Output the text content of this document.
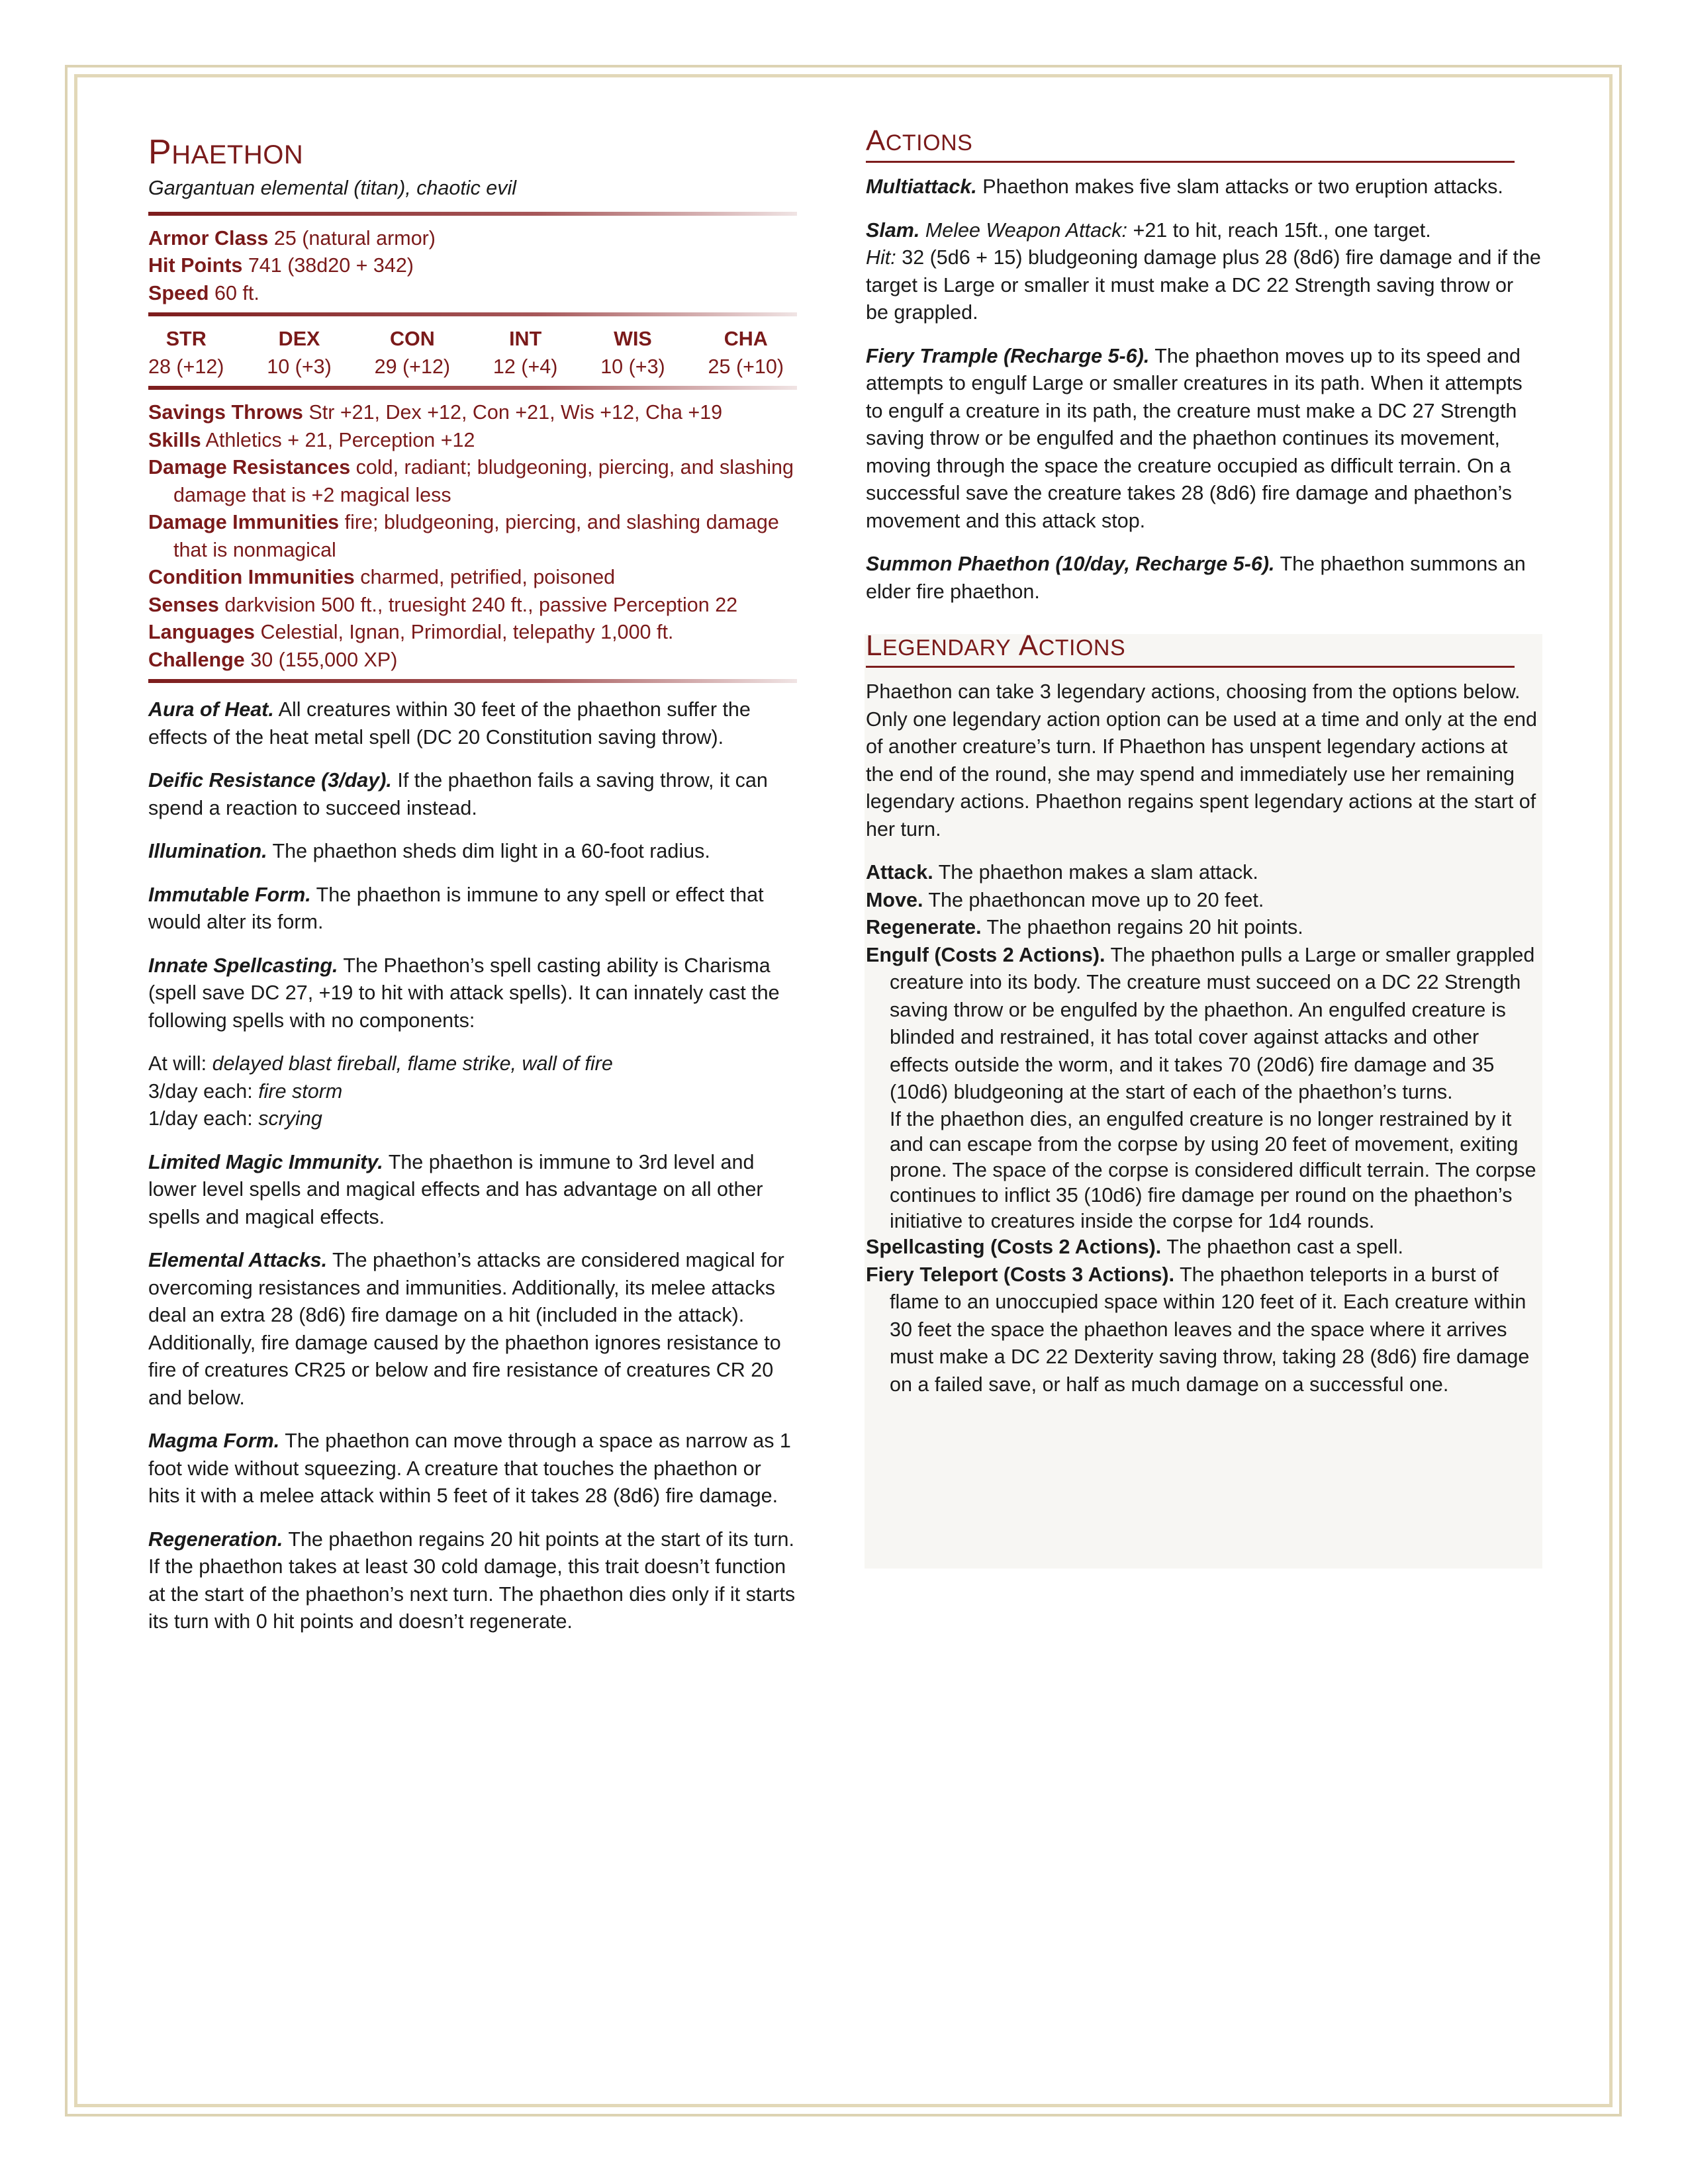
PHAETHON
Gargantuan elemental (titan), chaotic evil
Armor Class 25 (natural armor)
Hit Points 741 (38d20 + 342)
Speed 60 ft.
STR
28 (+12)
DEX
10 (+3)
CON
29 (+12)
INT
12 (+4)
WIS
10 (+3)
CHA
25 (+10)
Savings Throws Str +21, Dex +12, Con +21, Wis +12, Cha +19
Skills Athletics + 21, Perception +12
Damage Resistances cold, radiant; bludgeoning, piercing, and slashing damage that is +2 magical less
Damage Immunities fire; bludgeoning, piercing, and slashing damage that is nonmagical
Condition Immunities charmed, petrified, poisoned
Senses darkvision 500 ft., truesight 240 ft., passive Perception 22
Languages Celestial, Ignan, Primordial, telepathy 1,000 ft.
Challenge 30 (155,000 XP)

Aura of Heat. All creatures within 30 feet of the phaethon suffer the effects of the heat metal spell (DC 20 Constitution saving throw).

Deific Resistance (3/day). If the phaethon fails a saving throw, it can spend a reaction to succeed instead.

Illumination. The phaethon sheds dim light in a 60-foot radius.

Immutable Form. The phaethon is immune to any spell or effect that would alter its form.

Innate Spellcasting. The Phaethon’s spell casting ability is Charisma (spell save DC 27, +19 to hit with attack spells). It can innately cast the following spells with no components:

At will: delayed blast fireball, flame strike, wall of fire
3/day each: fire storm
1/day each: scrying

Limited Magic Immunity. The phaethon is immune to 3rd level and lower level spells and magical effects and has advantage on all other spells and magical effects.

Elemental Attacks. The phaethon’s attacks are considered magical for overcoming resistances and immunities. Additionally, its melee attacks deal an extra 28 (8d6) fire damage on a hit (included in the attack). Additionally, fire damage caused by the phaethon ignores resistance to fire of creatures CR25 or below and fire resistance of creatures CR 20 and below.

Magma Form. The phaethon can move through a space as narrow as 1 foot wide without squeezing. A creature that touches the phaethon or hits it with a melee attack within 5 feet of it takes 28 (8d6) fire damage.

Regeneration. The phaethon regains 20 hit points at the start of its turn. If the phaethon takes at least 30 cold damage, this trait doesn’t function at the start of the phaethon’s next turn. The phaethon dies only if it starts its turn with 0 hit points and doesn’t regenerate.

ACTIONS

Multiattack. Phaethon makes five slam attacks or two eruption attacks.

Slam. Melee Weapon Attack: +21 to hit, reach 15ft., one target.
Hit: 32 (5d6 + 15) bludgeoning damage plus 28 (8d6) fire damage and if the target is Large or smaller it must make a DC 22 Strength saving throw or be grappled.

Fiery Trample (Recharge 5-6). The phaethon moves up to its speed and attempts to engulf Large or smaller creatures in its path. When it attempts to engulf a creature in its path, the creature must make a DC 27 Strength saving throw or be engulfed and the phaethon continues its movement, moving through the space the creature occupied as difficult terrain. On a successful save the creature takes 28 (8d6) fire damage and phaethon’s movement and this attack stop.

Summon Phaethon (10/day, Recharge 5-6). The phaethon summons an elder fire phaethon.

LEGENDARY ACTIONS

Phaethon can take 3 legendary actions, choosing from the options below. Only one legendary action option can be used at a time and only at the end of another creature’s turn. If Phaethon has unspent legendary actions at the end of the round, she may spend and immediately use her remaining legendary actions. Phaethon regains spent legendary actions at the start of her turn.

Attack. The phaethon makes a slam attack.
Move. The phaethoncan move up to 20 feet.
Regenerate. The phaethon regains 20 hit points.
Engulf (Costs 2 Actions). The phaethon pulls a Large or smaller grappled creature into its body. The creature must succeed on a DC 22 Strength saving throw or be engulfed by the phaethon. An engulfed creature is blinded and restrained, it has total cover against attacks and other effects outside the worm, and it takes 70 (20d6) fire damage and 35 (10d6) bludgeoning at the start of each of the phaethon’s turns.
If the phaethon dies, an engulfed creature is no longer restrained by it and can escape from the corpse by using 20 feet of movement, exiting prone. The space of the corpse is considered difficult terrain. The corpse continues to inflict 35 (10d6) fire damage per round on the phaethon’s initiative to creatures inside the corpse for 1d4 rounds.
Spellcasting (Costs 2 Actions). The phaethon cast a spell.
Fiery Teleport (Costs 3 Actions). The phaethon teleports in a burst of flame to an unoccupied space within 120 feet of it. Each creature within 30 feet the space the phaethon leaves and the space where it arrives must make a DC 22 Dexterity saving throw, taking 28 (8d6) fire damage on a failed save, or half as much damage on a successful one.
